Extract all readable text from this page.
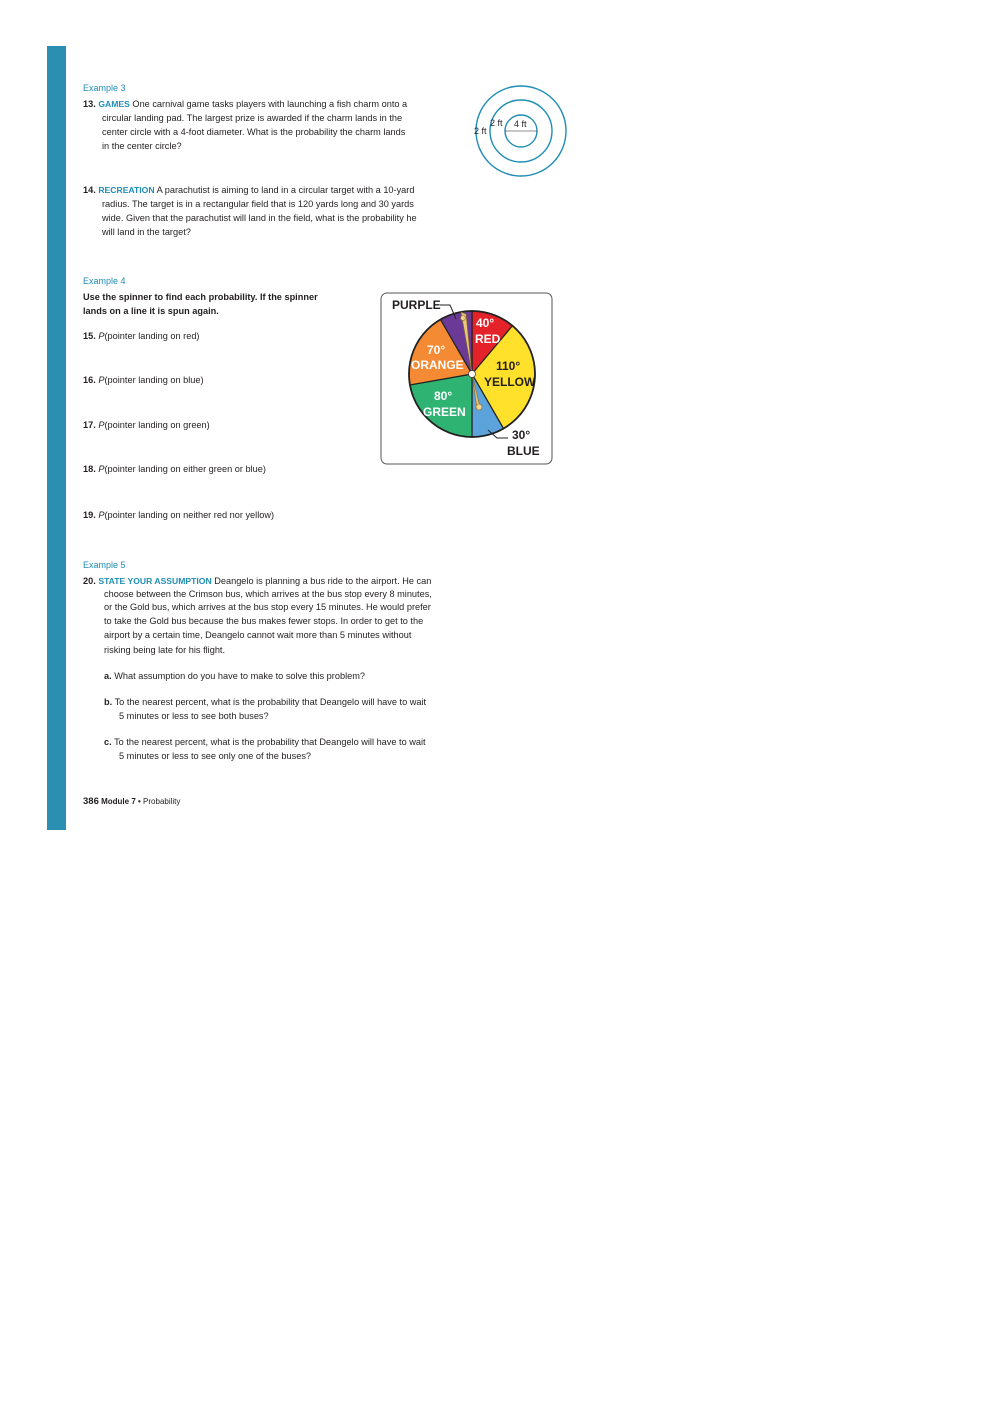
Example 3
13. GAMES One carnival game tasks players with launching a fish charm onto a
circular landing pad. The largest prize is awarded if the charm lands in the
center circle with a 4-foot diameter. What is the probability the charm lands
in the center circle?
2 ft
2 ft 4 ft
14. RECREATION A parachutist is aiming to land in a circular target with a 10-yard
radius. The target is in a rectangular field that is 120 yards long and 30 yards
wide. Given that the parachutist will land in the field, what is the probability he
will land in the target?
Example 4
Use the spinner to find each probability. If the spinner
lands on a line it is spun again.
15. P(pointer landing on red)
16. P(pointer landing on blue)
17. P(pointer landing on green)
18. P(pointer landing on either green or blue)
19. P(pointer landing on neither red nor yellow)
PURPLE
40°
RED
110°
YELLOW
70°
ORANGE
80°
GREEN
30°
BLUE
Example 5
20. STATE YOUR ASSUMPTION Deangelo is planning a bus ride to the airport. He can
choose between the Crimson bus, which arrives at the bus stop every 8 minutes,
or the Gold bus, which arrives at the bus stop every 15 minutes. He would prefer
to take the Gold bus because the bus makes fewer stops. In order to get to the
airport by a certain time, Deangelo cannot wait more than 5 minutes without
risking being late for his flight.
a. What assumption do you have to make to solve this problem?
b. To the nearest percent, what is the probability that Deangelo will have to wait
5 minutes or less to see both buses?
c. To the nearest percent, what is the probability that Deangelo will have to wait
5 minutes or less to see only one of the buses?
386 Module 7 • Probability
